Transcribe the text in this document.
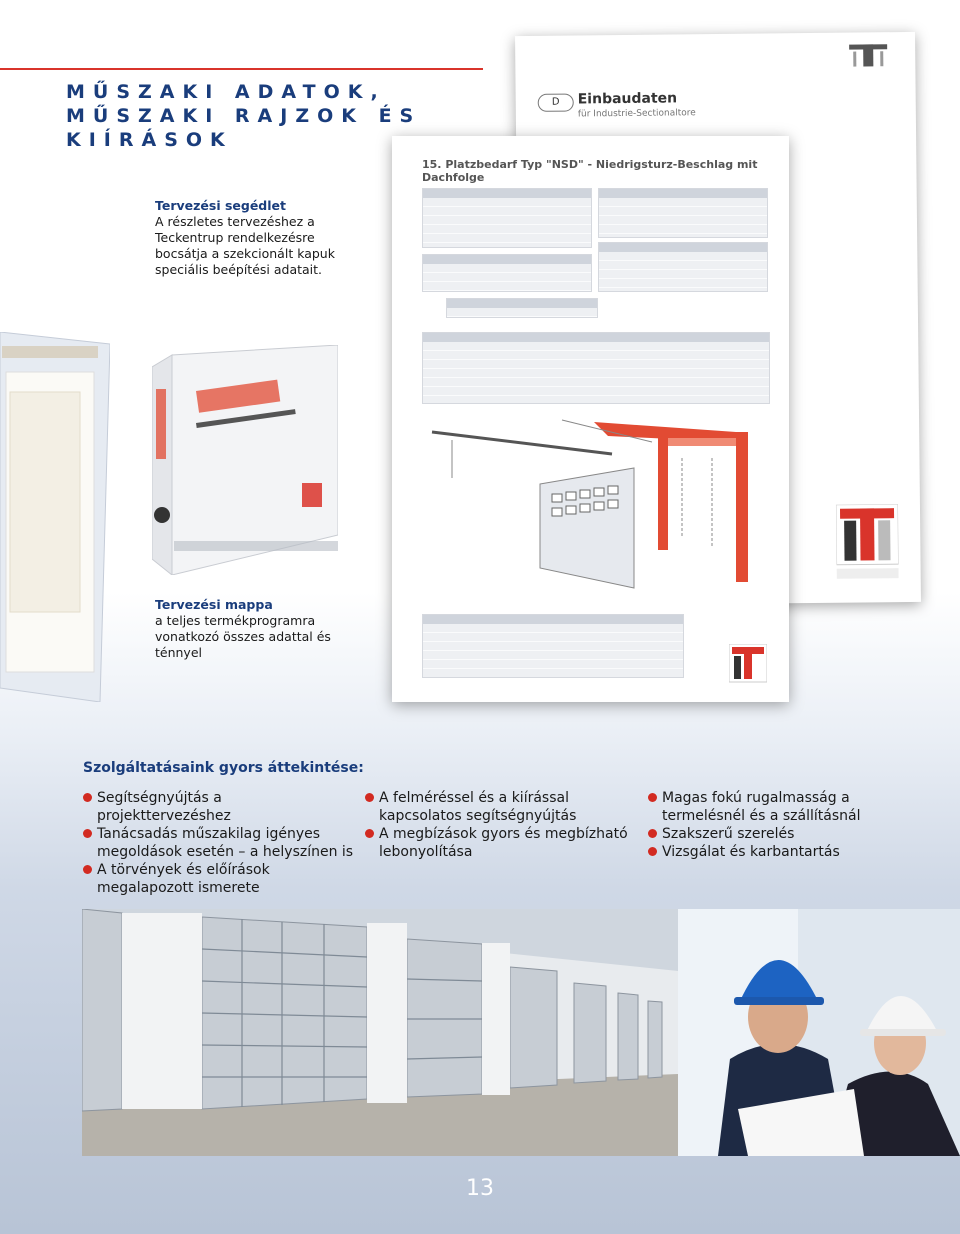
MŰSZAKI ADATOK,
MŰSZAKI RAJZOK ÉS
KIÍRÁSOK
Tervezési segédlet
A részletes tervezéshez a Teckentrup rendelkezésre bocsátja a szekcionált kapuk speciális beépítési adatait.
D	Einbaudaten
für Industrie-Sectionaltore
15. Platzbedarf Typ "NSD" - Niedrigsturz-Beschlag mit Dachfolge
Tervezési mappa
a teljes termékprogramra vonatkozó összes adattal és ténnyel
Szolgáltatásaink gyors áttekintése:

Segítségnyújtás a projekttervezéshez

Tanácsadás műszakilag igényes megoldások esetén – a helyszínen is

A törvények és előírások megalapozott ismerete

A felméréssel és a kiírással kapcsolatos segítségnyújtás

A megbízások gyors és megbízható lebonyolítása

Magas fokú rugalmasság a termelésnél és a szállításnál

Szakszerű szerelés

Vizsgálat és karbantartás

13
